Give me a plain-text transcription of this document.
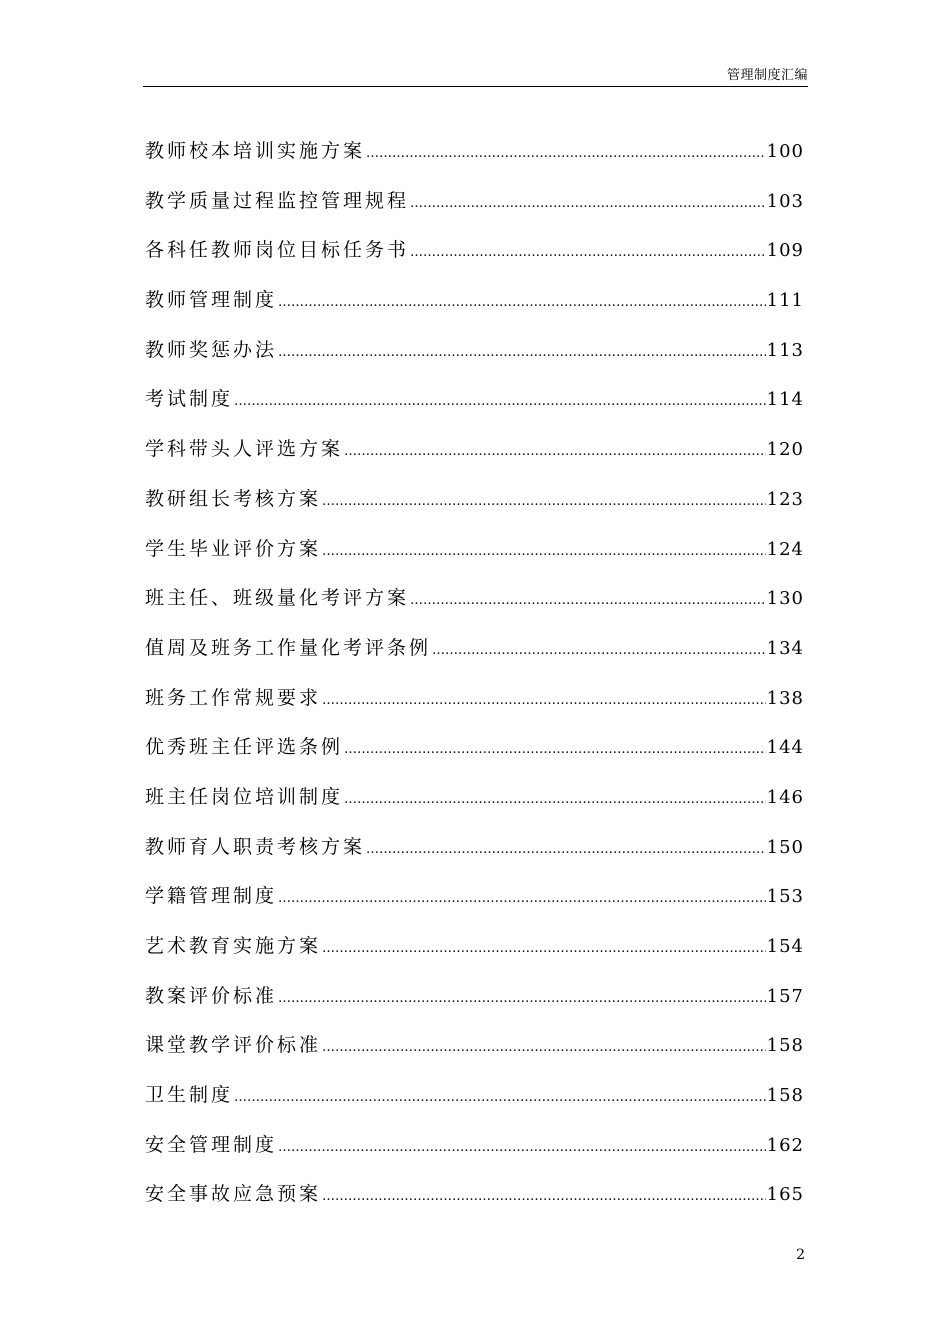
管理制度汇编
教师校本培训实施方案 …………………………………………………………………………………………………………………………………………………………………………………………………………	100
教学质量过程监控管理规程 …………………………………………………………………………………………………………………………………………………………………………………………………………	103
各科任教师岗位目标任务书 …………………………………………………………………………………………………………………………………………………………………………………………………………	109
教师管理制度 …………………………………………………………………………………………………………………………………………………………………………………………………………	111
教师奖惩办法 …………………………………………………………………………………………………………………………………………………………………………………………………………	113
考试制度 …………………………………………………………………………………………………………………………………………………………………………………………………………	114
学科带头人评选方案 …………………………………………………………………………………………………………………………………………………………………………………………………………	120
教研组长考核方案 …………………………………………………………………………………………………………………………………………………………………………………………………………	123
学生毕业评价方案 …………………………………………………………………………………………………………………………………………………………………………………………………………	124
班主任、班级量化考评方案 …………………………………………………………………………………………………………………………………………………………………………………………………………	130
值周及班务工作量化考评条例 …………………………………………………………………………………………………………………………………………………………………………………………………………	134
班务工作常规要求 …………………………………………………………………………………………………………………………………………………………………………………………………………	138
优秀班主任评选条例 …………………………………………………………………………………………………………………………………………………………………………………………………………	144
班主任岗位培训制度 …………………………………………………………………………………………………………………………………………………………………………………………………………	146
教师育人职责考核方案 …………………………………………………………………………………………………………………………………………………………………………………………………………	150
学籍管理制度 …………………………………………………………………………………………………………………………………………………………………………………………………………	153
艺术教育实施方案 …………………………………………………………………………………………………………………………………………………………………………………………………………	154
教案评价标准 …………………………………………………………………………………………………………………………………………………………………………………………………………	157
课堂教学评价标准 …………………………………………………………………………………………………………………………………………………………………………………………………………	158
卫生制度 …………………………………………………………………………………………………………………………………………………………………………………………………………	158
安全管理制度 …………………………………………………………………………………………………………………………………………………………………………………………………………	162
安全事故应急预案 …………………………………………………………………………………………………………………………………………………………………………………………………………	165
2
